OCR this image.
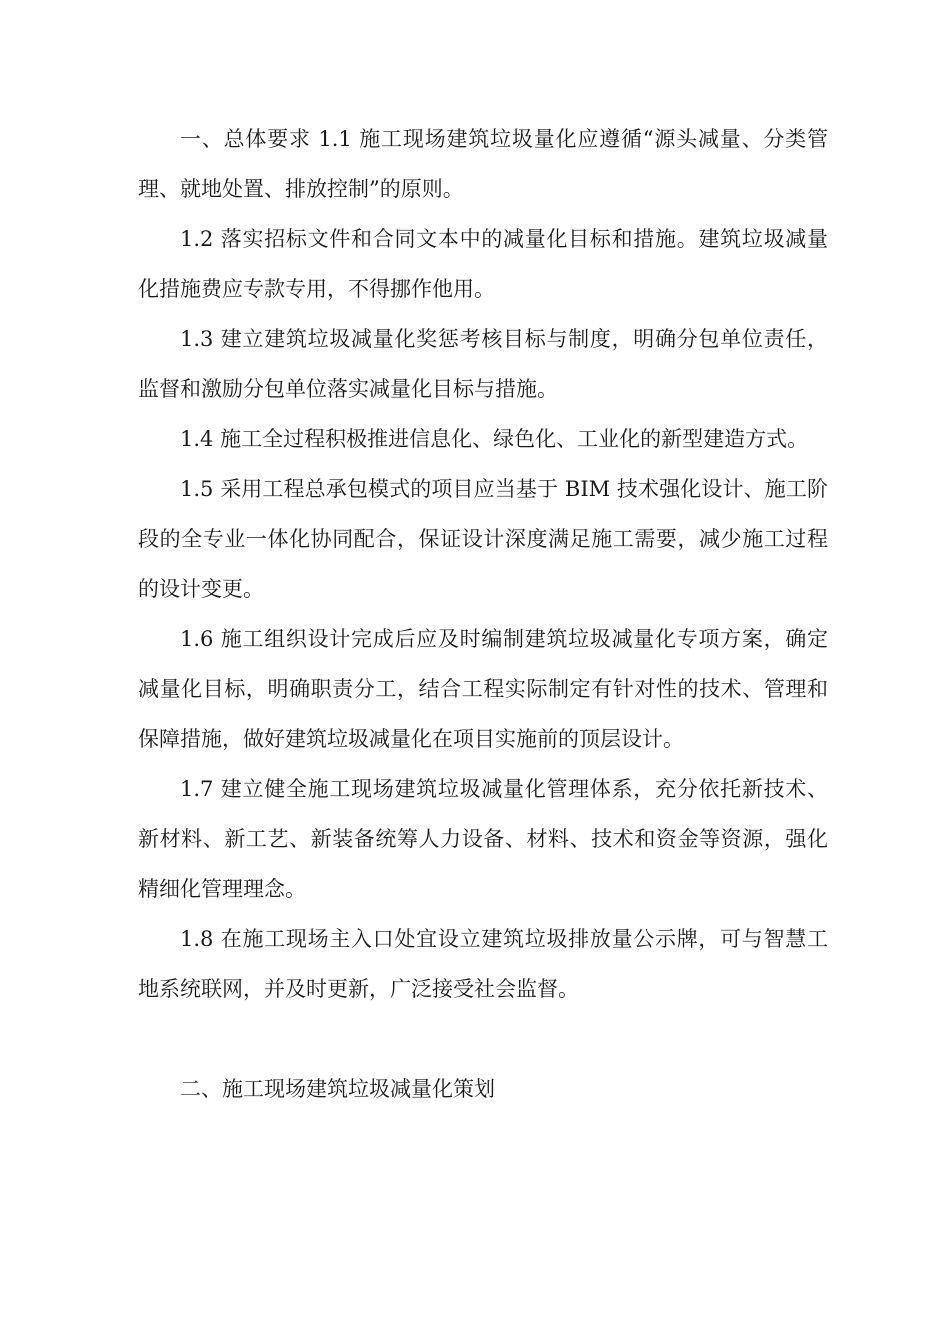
一、总体要求 1.1 施工现场建筑垃圾量化应遵循“源头减量、分类管理、就地处置、排放控制”的原则。

1.2 落实招标文件和合同文本中的减量化目标和措施。建筑垃圾减量化措施费应专款专用，不得挪作他用。

1.3 建立建筑垃圾减量化奖惩考核目标与制度，明确分包单位责任，监督和激励分包单位落实减量化目标与措施。

1.4 施工全过程积极推进信息化、绿色化、工业化的新型建造方式。

1.5 采用工程总承包模式的项目应当基于 BIM 技术强化设计、施工阶段的全专业一体化协同配合，保证设计深度满足施工需要，减少施工过程的设计变更。

1.6 施工组织设计完成后应及时编制建筑垃圾减量化专项方案，确定减量化目标，明确职责分工，结合工程实际制定有针对性的技术、管理和保障措施，做好建筑垃圾减量化在项目实施前的顶层设计。

1.7 建立健全施工现场建筑垃圾减量化管理体系，充分依托新技术、新材料、新工艺、新装备统筹人力设备、材料、技术和资金等资源，强化精细化管理理念。

1.8 在施工现场主入口处宜设立建筑垃圾排放量公示牌，可与智慧工地系统联网，并及时更新，广泛接受社会监督。

二、施工现场建筑垃圾减量化策划
